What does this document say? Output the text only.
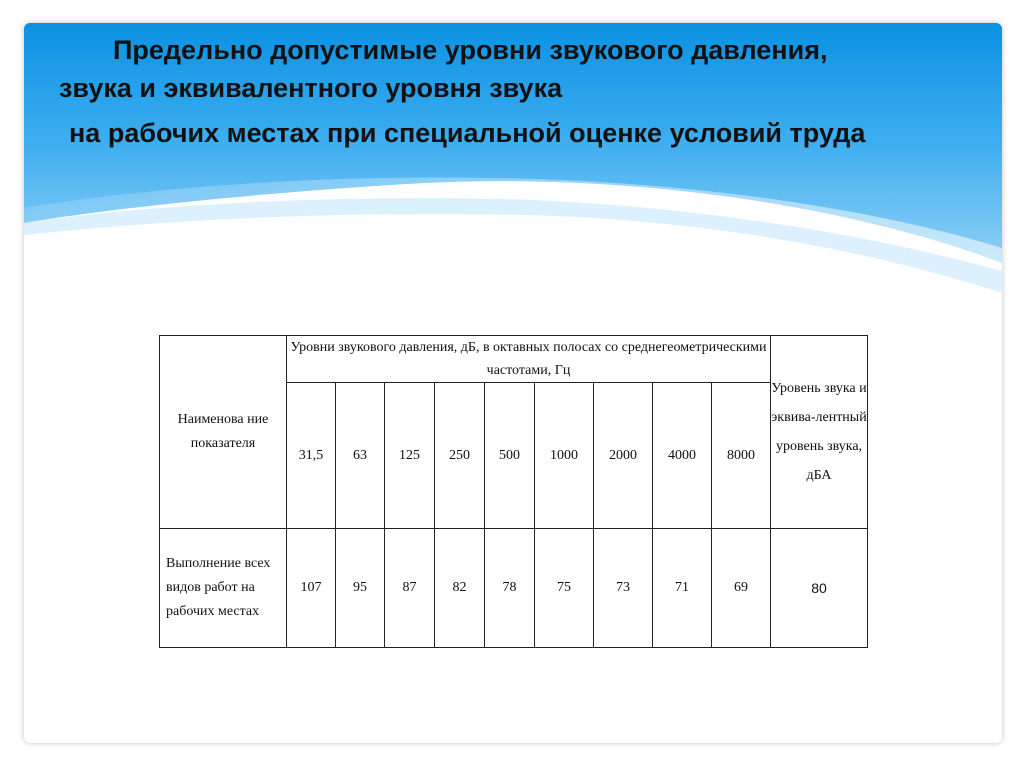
Предельно допустимые уровни звукового давления,
звука и эквивалентного уровня звука
на рабочих местах при специальной оценке условий труда
Наименова ние показателя	Уровни звукового давления, дБ, в октавных полосах со среднегеометрическими частотами, Гц									Уровень звука и эквива-лентный уровень звука, дБА
	31,5	63	125	250	500	1000	2000	4000	8000	
Выполнение всех видов работ на рабочих местах	107	95	87	82	78	75	73	71	69	80
